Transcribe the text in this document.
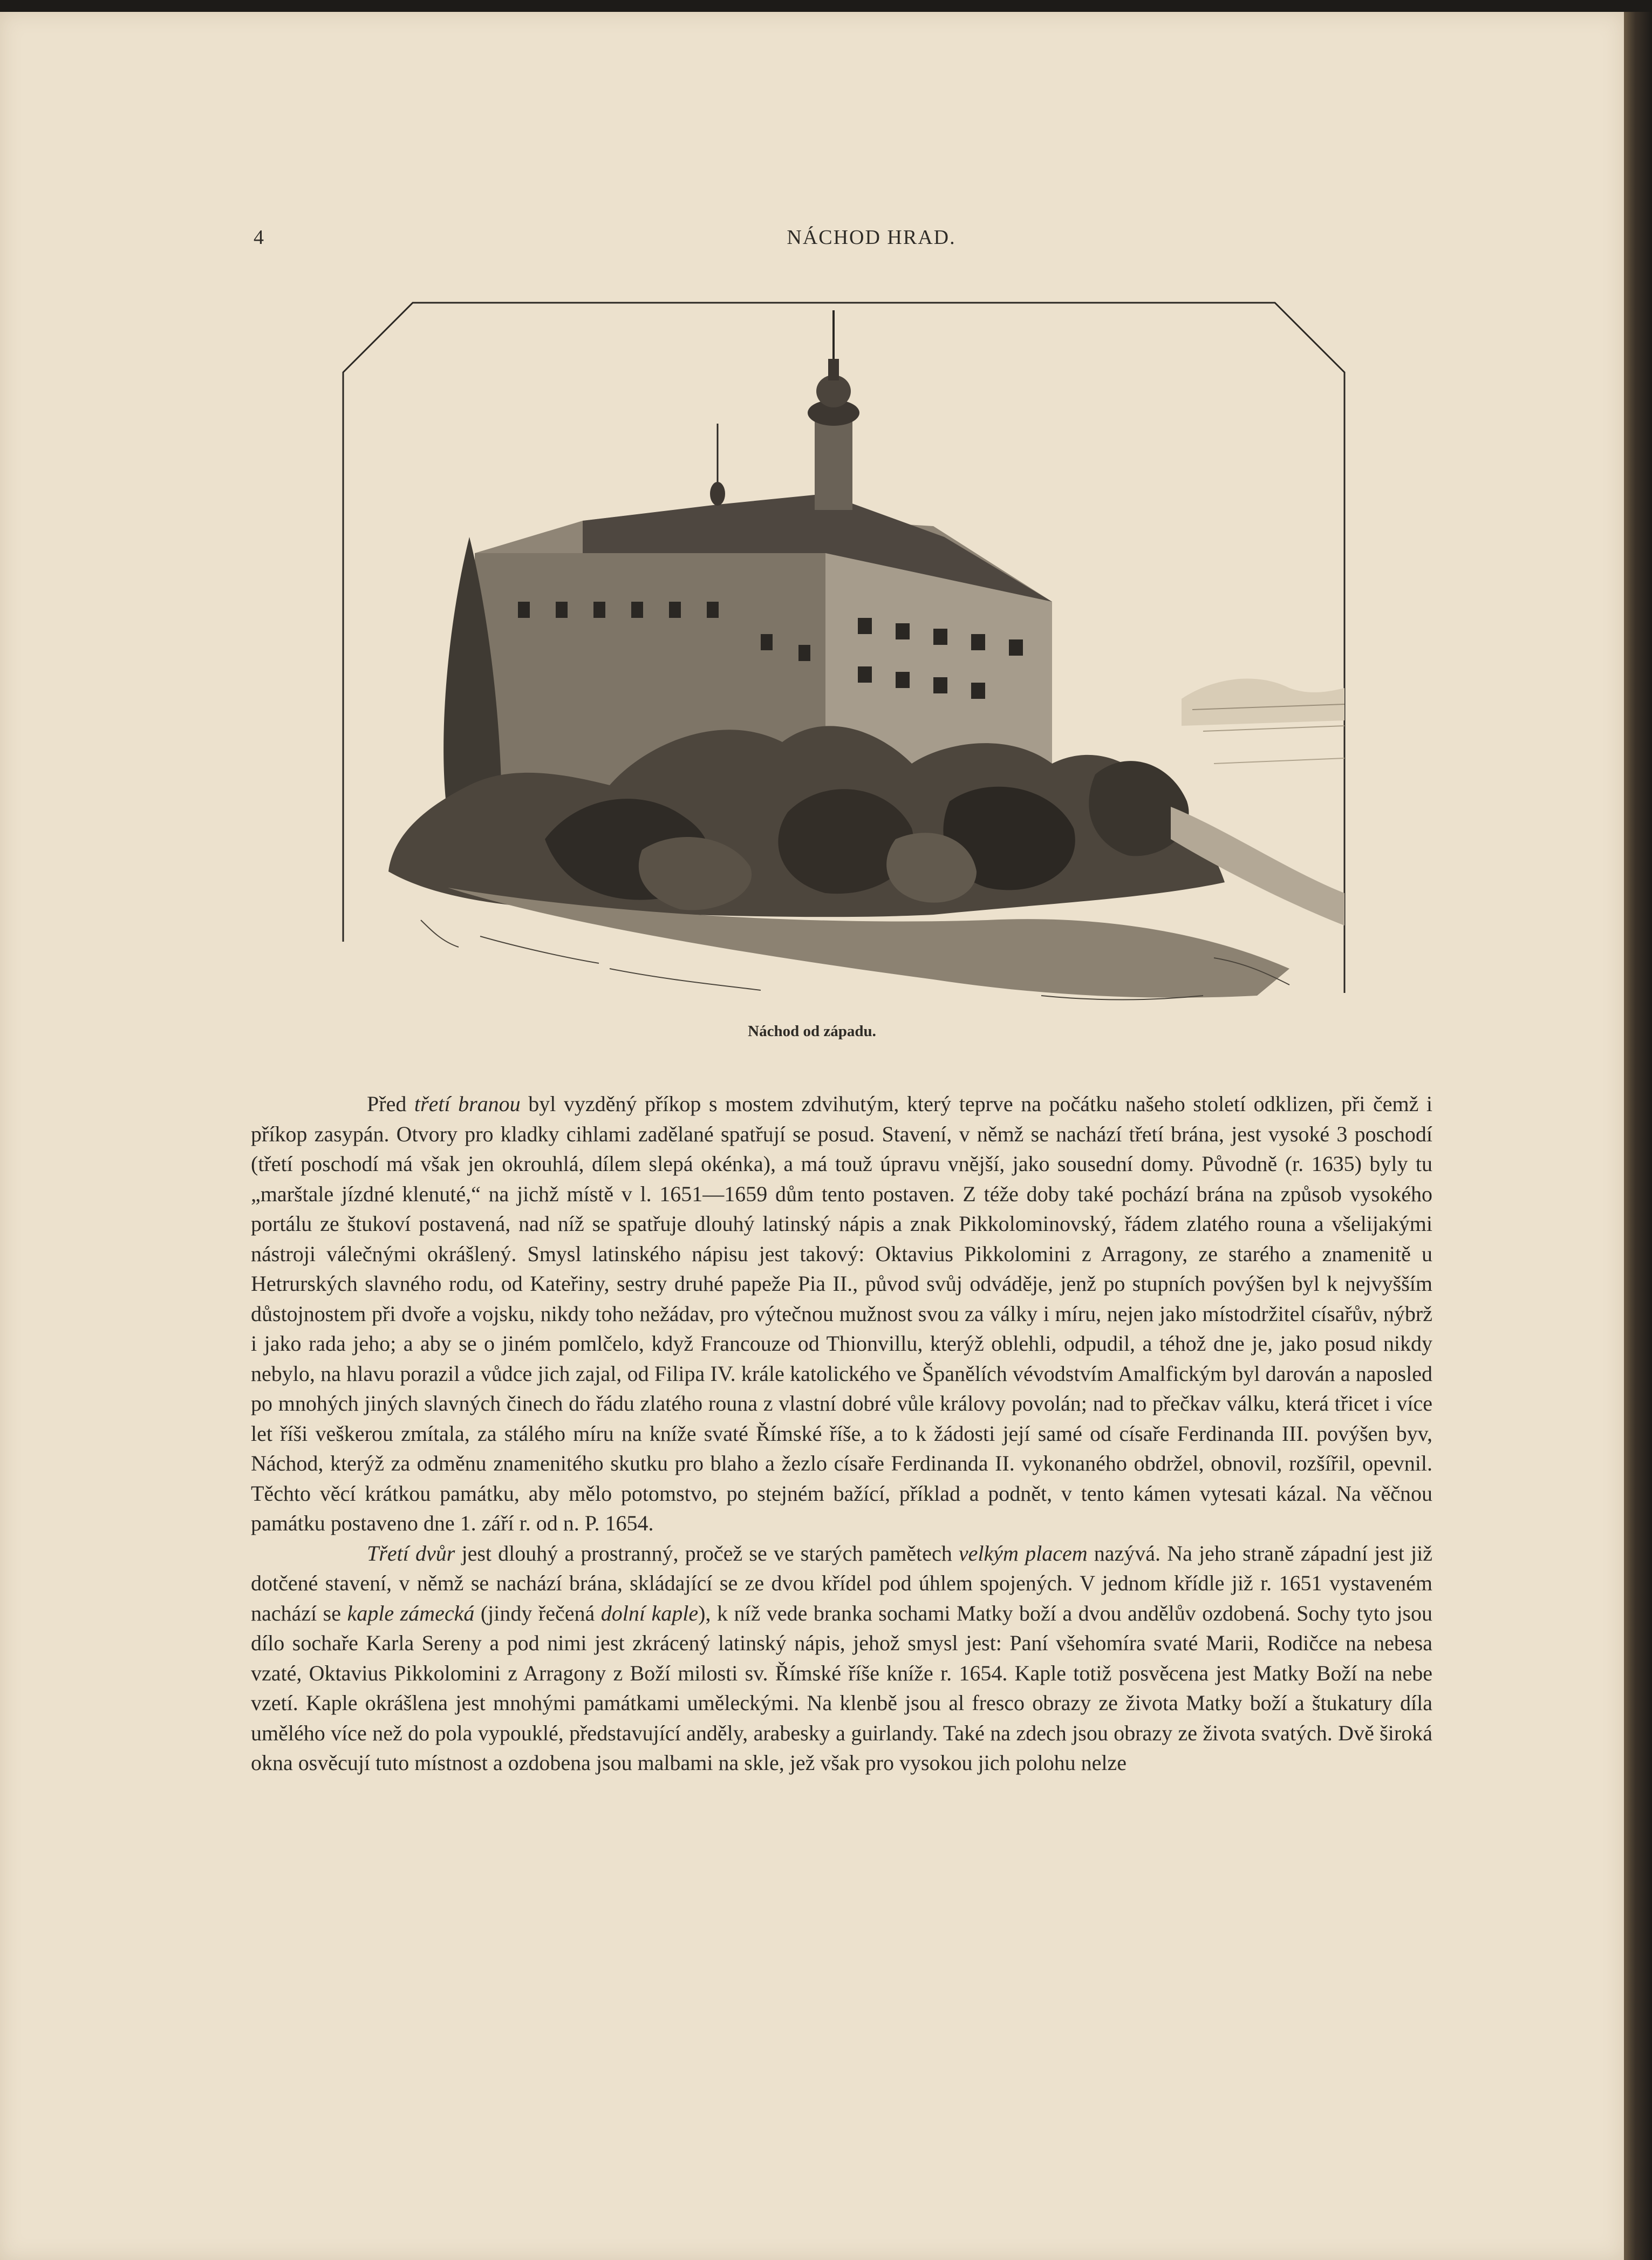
4	NÁCHOD HRAD.
Náchod od západu.

Před třetí branou byl vyzděný příkop s mostem zdvihutým, který teprve na počátku našeho století odklizen, při čemž i příkop zasypán. Otvory pro kladky cihlami zadělané spatřují se posud. Stavení, v němž se nachází třetí brána, jest vysoké 3 poschodí (třetí poschodí má však jen okrouhlá, dílem slepá okénka), a má touž úpravu vnější, jako sousední domy. Původně (r. 1635) byly tu „marštale jízdné klenuté,“ na jichž místě v l. 1651—1659 dům tento postaven. Z téže doby také pochází brána na způsob vysokého portálu ze štukoví postavená, nad níž se spatřuje dlouhý latinský nápis a znak Pikkolominovský, řádem zlatého rouna a všelijakými nástroji válečnými okrášlený. Smysl latinského nápisu jest takový: Oktavius Pikkolomini z Arragony, ze starého a znamenitě u Hetrurských slavného rodu, od Kateřiny, sestry druhé papeže Pia II., původ svůj odváděje, jenž po stupních povýšen byl k nejvyšším důstojnostem při dvoře a vojsku, nikdy toho nežádav, pro výtečnou mužnost svou za války i míru, nejen jako místodržitel císařův, nýbrž i jako rada jeho; a aby se o jiném pomlčelo, když Francouze od Thionvillu, kterýž oblehli, odpudil, a téhož dne je, jako posud nikdy nebylo, na hlavu porazil a vůdce jich zajal, od Filipa IV. krále katolického ve Španělích vévodstvím Amalfickým byl darován a naposled po mnohých jiných slavných činech do řádu zlatého rouna z vlastní dobré vůle královy povolán; nad to přečkav válku, která třicet i více let říši veškerou zmítala, za stálého míru na kníže svaté Římské říše, a to k žádosti její samé od císaře Ferdinanda III. povýšen byv, Náchod, kterýž za odměnu znamenitého skutku pro blaho a žezlo císaře Ferdinanda II. vykonaného obdržel, obnovil, rozšířil, opevnil. Těchto věcí krátkou památku, aby mělo potomstvo, po stejném bažící, příklad a podnět, v tento kámen vytesati kázal. Na věčnou památku postaveno dne 1. září r. od n. P. 1654.

Třetí dvůr jest dlouhý a prostranný, pročež se ve starých pamětech velkým placem nazývá. Na jeho straně západní jest již dotčené stavení, v němž se nachází brána, skládající se ze dvou křídel pod úhlem spojených. V jednom křídle již r. 1651 vystaveném nachází se kaple zámecká (jindy řečená dolní kaple), k níž vede branka sochami Matky boží a dvou andělův ozdobená. Sochy tyto jsou dílo sochaře Karla Sereny a pod nimi jest zkrácený latinský nápis, jehož smysl jest: Paní všehomíra svaté Marii, Rodičce na nebesa vzaté, Oktavius Pikkolomini z Arragony z Boží milosti sv. Římské říše kníže r. 1654. Kaple totiž posvěcena jest Matky Boží na nebe vzetí. Kaple okrášlena jest mnohými památkami uměleckými. Na klenbě jsou al fresco obrazy ze života Matky boží a štukatury díla umělého více než do pola vypouklé, představující anděly, arabesky a guirlandy. Také na zdech jsou obrazy ze života svatých. Dvě široká okna osvěcují tuto místnost a ozdobena jsou malbami na skle, jež však pro vysokou jich polohu nelze
